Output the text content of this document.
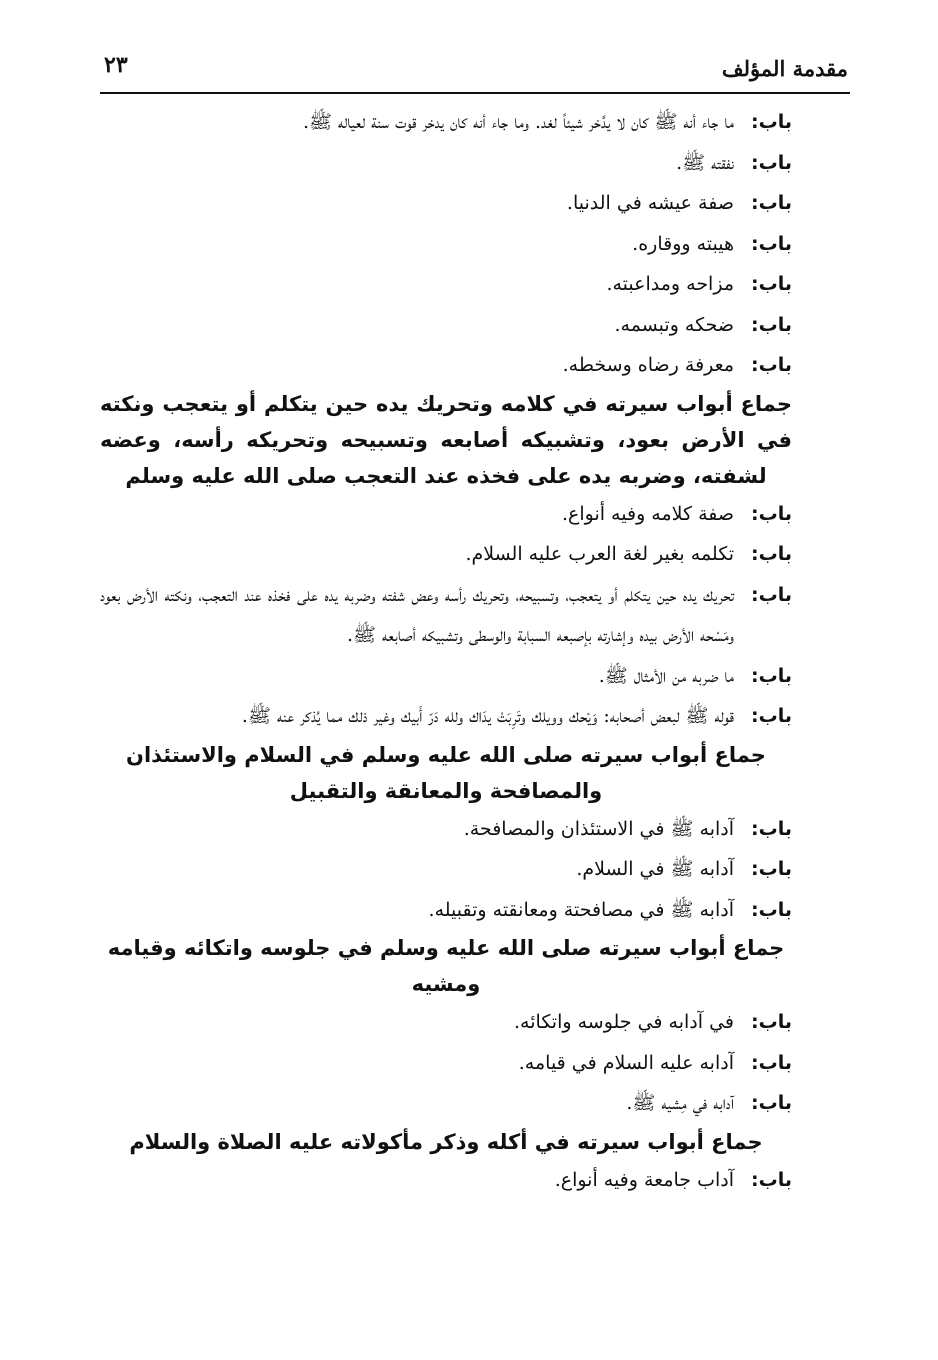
مقدمة المؤلف
٢٣
باب:
ما جاء أنه ﷺ كان لا يدَّخر شيئاً لغد. وما جاء أنه كان يدخر قوت سنة لعياله ﷺ.
باب:
نفقته ﷺ.
باب:
صفة عيشه في الدنيا.
باب:
هيبته ووقاره.
باب:
مزاحه ومداعبته.
باب:
ضحكه وتبسمه.
باب:
معرفة رضاه وسخطه.
جماع أبواب سيرته في كلامه وتحريك يده حين يتكلم أو يتعجب ونكته في الأرض بعود، وتشبيكه أصابعه وتسبيحه وتحريكه رأسه، وعضه لشفته، وضربه يده على فخذه عند التعجب صلى الله عليه وسلم
باب:
صفة كلامه وفيه أنواع.
باب:
تكلمه بغير لغة العرب عليه السلام.
باب:
تحريك يده حين يتكلم أو يتعجب، وتسبيحه، وتحريك رأسه وعض شفته وضربه يده على فخذه عند التعجب، ونكته الأرض بعود ومَسْحه الأرض بيده وإشارته بإصبعه السبابة والوسطى وتشبيكه أصابعه ﷺ.
باب:
ما ضربه من الأمثال ﷺ.
باب:
قوله ﷺ لبعض أصحابه: وَيْحك وويلك وتَرِبَتْ يدَاك ولله دَرّ أَبيك وغير ذلك مما يُذكر عنه ﷺ.
جماع أبواب سيرته صلى الله عليه وسلم في السلام والاستئذان والمصافحة والمعانقة والتقبيل
باب:
آدابه ﷺ في الاستئذان والمصافحة.
باب:
آدابه ﷺ في السلام.
باب:
آدابه ﷺ في مصافحتة ومعانقته وتقبيله.
جماع أبواب سيرته صلى الله عليه وسلم في جلوسه واتكائه وقيامه ومشيه
باب:
في آدابه في جلوسه واتكائه.
باب:
آدابه عليه السلام في قيامه.
باب:
آدابه في مِشيه ﷺ.
جماع أبواب سيرته في أكله وذكر مأكولاته عليه الصلاة والسلام
باب:
آداب جامعة وفيه أنواع.
